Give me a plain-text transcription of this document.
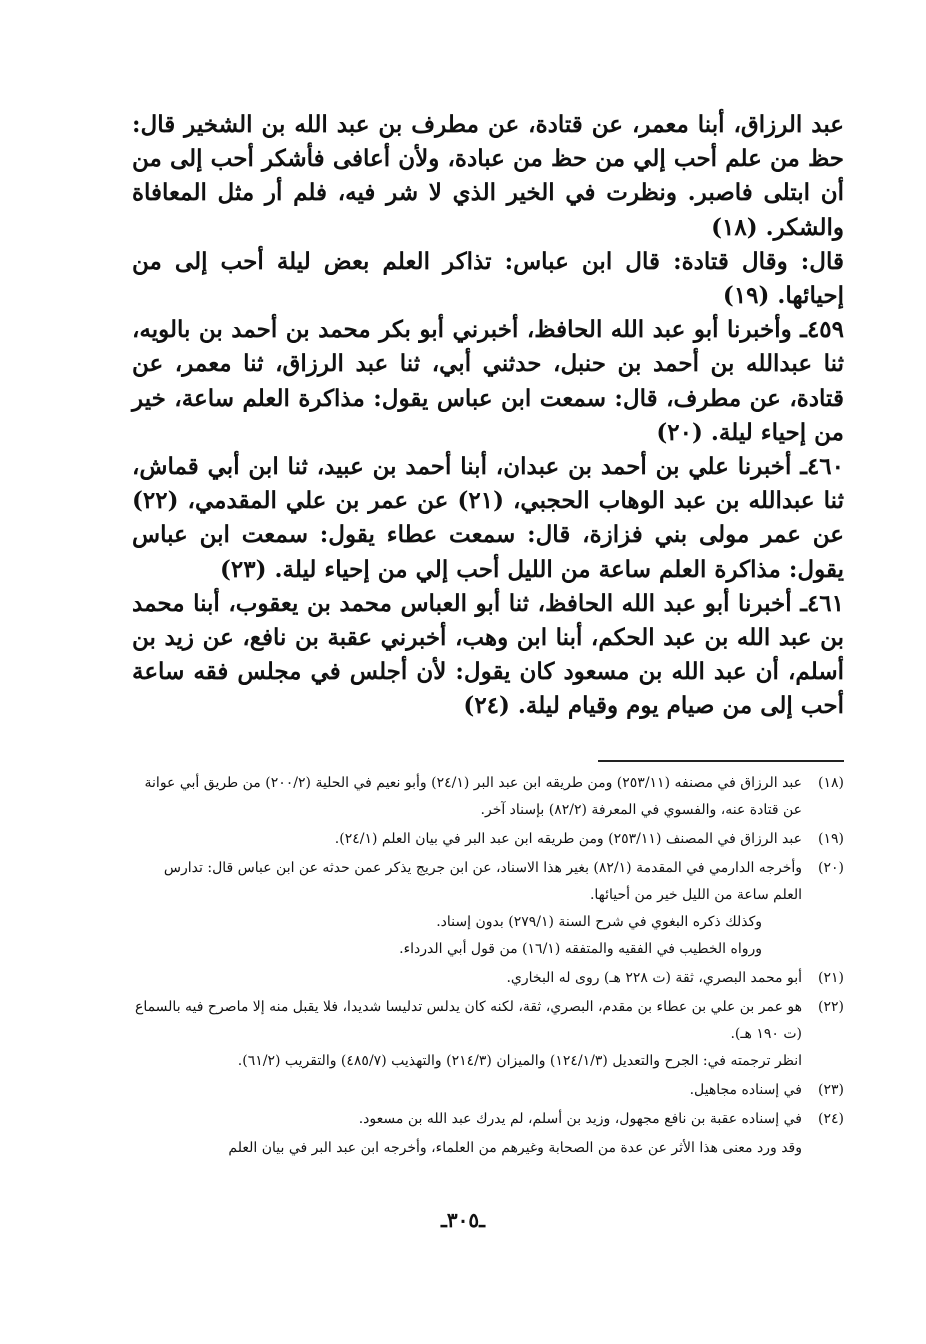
عبد الرزاق، أبنا معمر، عن قتادة، عن مطرف بن عبد الله بن الشخير قال: حظ من علم أحب إلي من حظ من عبادة، ولأن أعافى فأشكر أحب إلى من أن ابتلى فاصبر. ونظرت في الخير الذي لا شر فيه، فلم أر مثل المعافاة والشكر. (١٨)

قال: وقال قتادة: قال ابن عباس: تذاكر العلم بعض ليلة أحب إلى من إحيائها. (١٩)

٤٥٩ـ وأخبرنا أبو عبد الله الحافظ، أخبرني أبو بكر محمد بن أحمد بن بالويه، ثنا عبدالله بن أحمد بن حنبل، حدثني أبي، ثنا عبد الرزاق، ثنا معمر، عن قتادة، عن مطرف، قال: سمعت ابن عباس يقول: مذاكرة العلم ساعة، خير من إحياء ليلة. (٢٠)

٤٦٠ـ أخبرنا علي بن أحمد بن عبدان، أبنا أحمد بن عبيد، ثنا ابن أبي قماش، ثنا عبدالله بن عبد الوهاب الحجبي، (٢١) عن عمر بن علي المقدمي، (٢٢) عن عمر مولى بني فزازة، قال: سمعت عطاء يقول: سمعت ابن عباس يقول: مذاكرة العلم ساعة من الليل أحب إلي من إحياء ليلة. (٢٣)

٤٦١ـ أخبرنا أبو عبد الله الحافظ، ثنا أبو العباس محمد بن يعقوب، أبنا محمد بن عبد الله بن عبد الحكم، أبنا ابن وهب، أخبرني عقبة بن نافع، عن زيد بن أسلم، أن عبد الله بن مسعود كان يقول: لأن أجلس في مجلس فقه ساعة أحب إلى من صيام يوم وقيام ليلة. (٢٤)

(١٨)

عبد الرزاق في مصنفه (٢٥٣/١١) ومن طريقه ابن عبد البر (٢٤/١) وأبو نعيم في الحلية (٢٠٠/٢) من طريق أبي عوانة عن قتادة عنه، والفسوي في المعرفة (٨٢/٢) بإسناد آخر.

(١٩)

عبد الرزاق في المصنف (٢٥٣/١١) ومن طريقه ابن عبد البر في بيان العلم (٢٤/١).

(٢٠)

وأخرجه الدارمي في المقدمة (٨٢/١) بغير هذا الاسناد، عن ابن جريج يذكر عمن حدثه عن ابن عباس قال: تدارس العلم ساعة من الليل خير من أحيائها.

وكذلك ذكره البغوي في شرح السنة (٢٧٩/١) بدون إسناد.

ورواه الخطيب في الفقيه والمتفقه (١٦/١) من قول أبي الدرداء.

(٢١)

أبو محمد البصري، ثقة (ت ٢٢٨ هـ) روى له البخاري.

(٢٢)

هو عمر بن علي بن عطاء بن مقدم، البصري، ثقة، لكنه كان يدلس تدليسا شديدا، فلا يقبل منه إلا ماصرح فيه بالسماع (ت ١٩٠ هـ).

انظر ترجمته في: الجرح والتعديل (١٢٤/١/٣) والميزان (٢١٤/٣) والتهذيب (٤٨٥/٧) والتقريب (٦١/٢).

(٢٣)

في إسناده مجاهيل.

(٢٤)

في إسناده عقبة بن نافع مجهول، وزيد بن أسلم، لم يدرك عبد الله بن مسعود.

وقد ورد معنى هذا الأثر عن عدة من الصحابة وغيرهم من العلماء، وأخرجه ابن عبد البر في بيان العلم

ـ٣٠٥ـ
